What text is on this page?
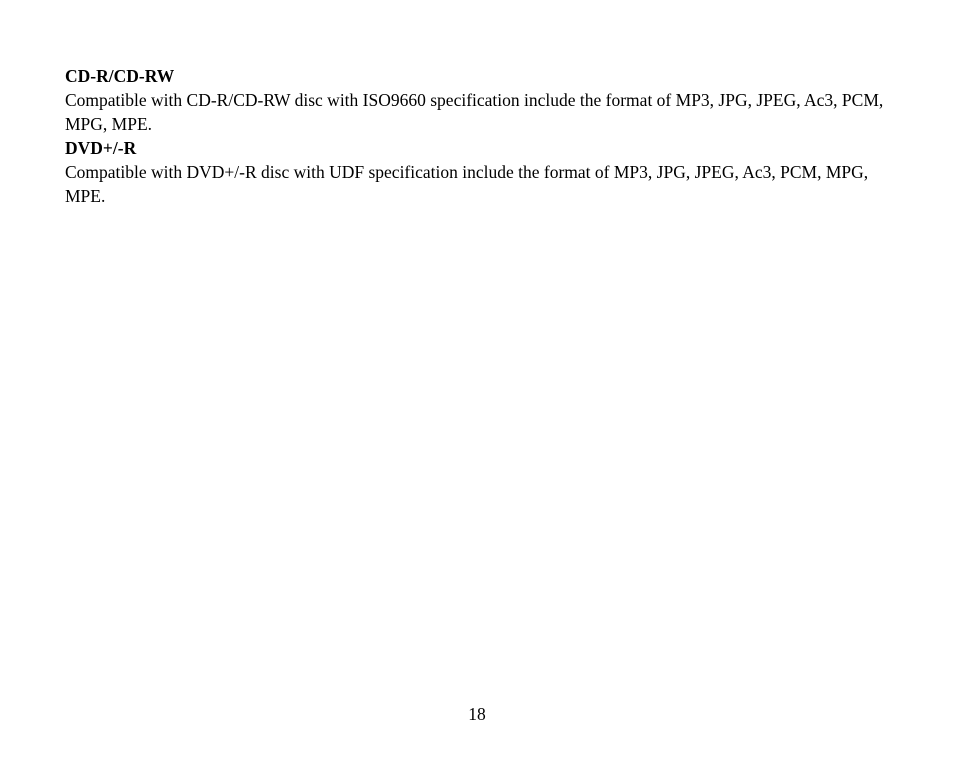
CD-R/CD-RW

Compatible with CD-R/CD-RW disc with ISO9660 specification include the format of MP3, JPG, JPEG, Ac3, PCM, MPG, MPE.

DVD+/-R

Compatible with DVD+/-R disc with UDF specification include the format of MP3, JPG, JPEG, Ac3, PCM, MPG, MPE.

18
